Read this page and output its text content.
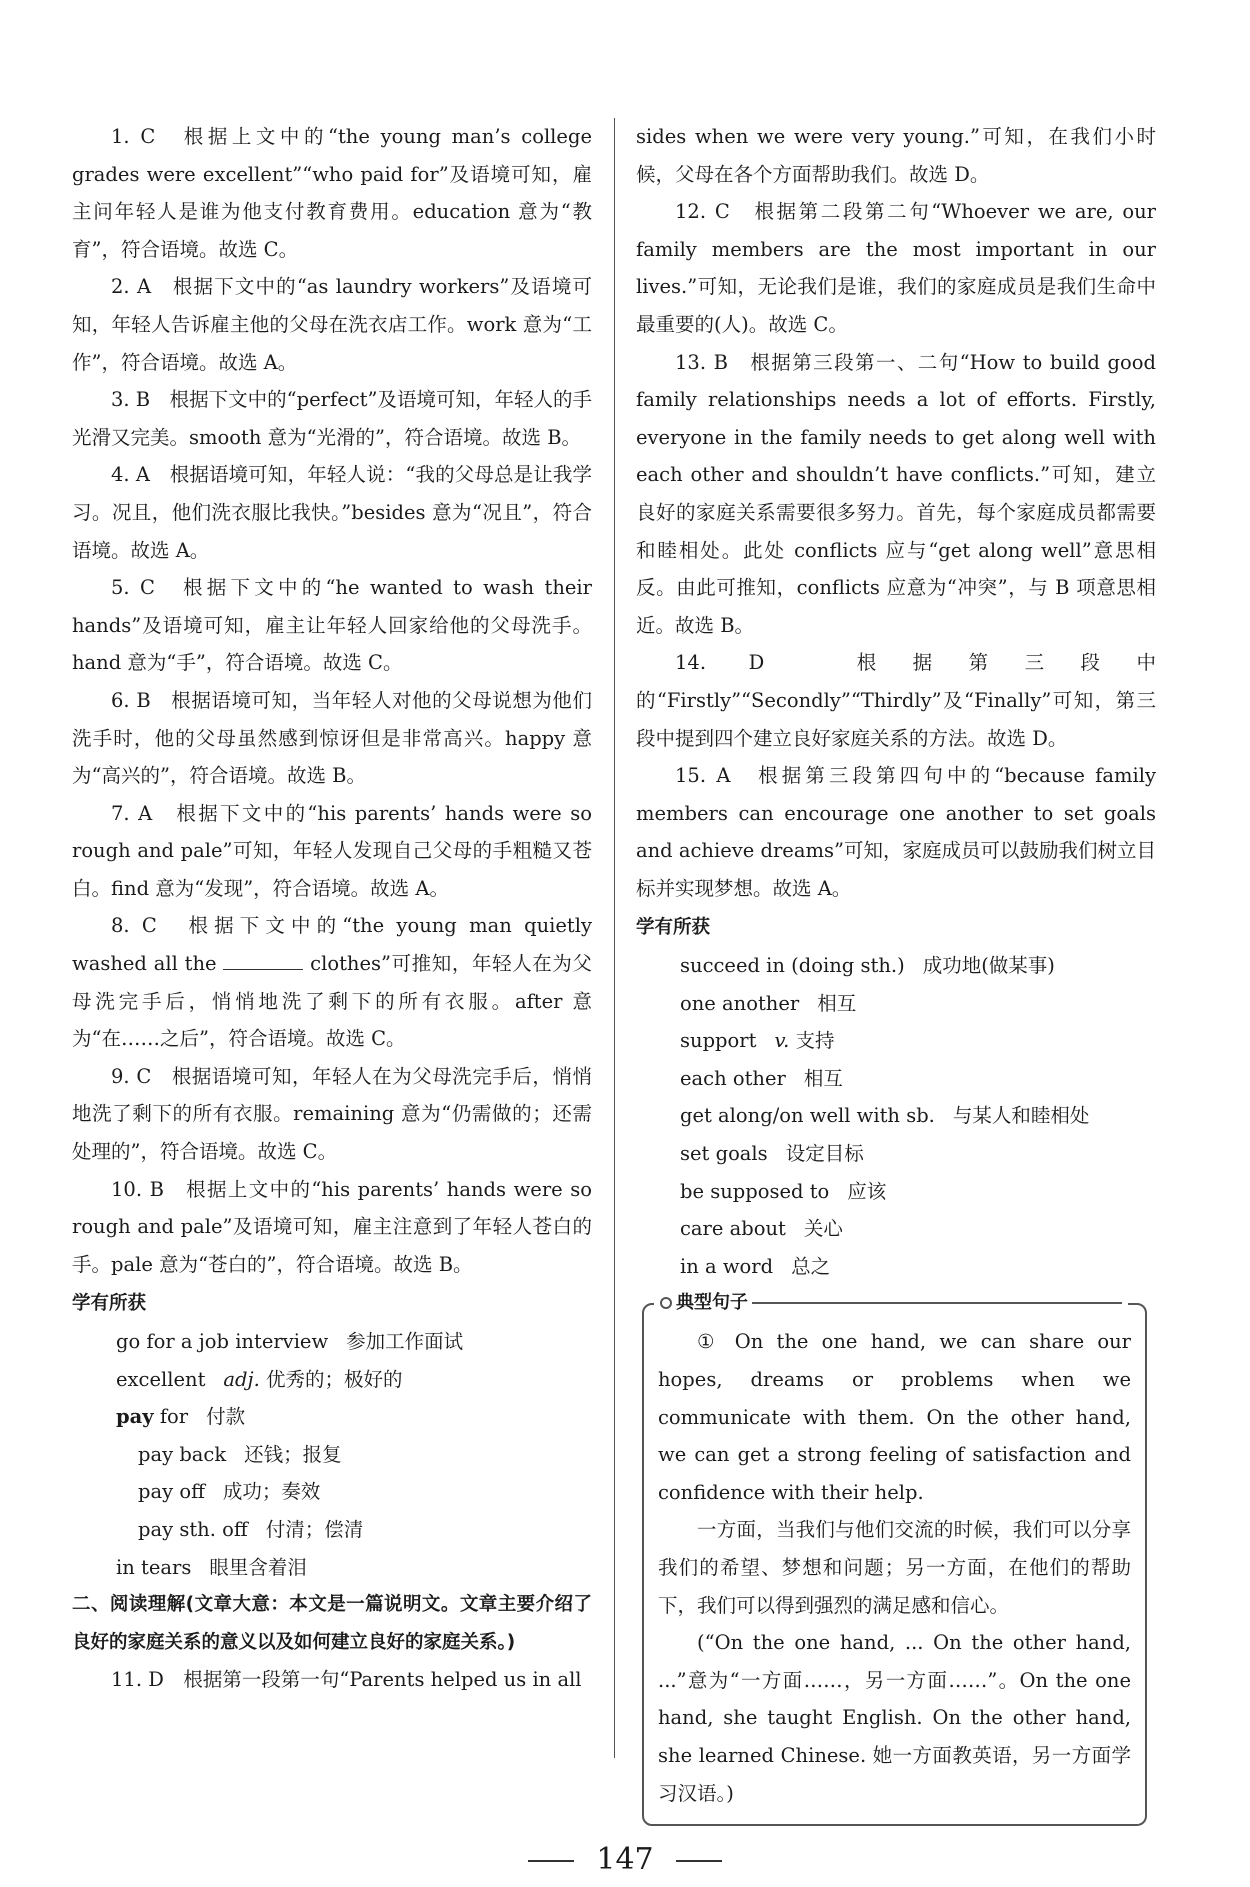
1. C　根据上文中的“the young man’s college grades were excellent”“who paid for”及语境可知，雇主问年轻人是谁为他支付教育费用。education 意为“教育”，符合语境。故选 C。

2. A　根据下文中的“as laundry workers”及语境可知，年轻人告诉雇主他的父母在洗衣店工作。work 意为“工作”，符合语境。故选 A。

3. B　根据下文中的“perfect”及语境可知，年轻人的手光滑又完美。smooth 意为“光滑的”，符合语境。故选 B。

4. A　根据语境可知，年轻人说：“我的父母总是让我学习。况且，他们洗衣服比我快。”besides 意为“况且”，符合语境。故选 A。

5. C　根据下文中的“he wanted to wash their hands”及语境可知，雇主让年轻人回家给他的父母洗手。hand 意为“手”，符合语境。故选 C。

6. B　根据语境可知，当年轻人对他的父母说想为他们洗手时，他的父母虽然感到惊讶但是非常高兴。happy 意为“高兴的”，符合语境。故选 B。

7. A　根据下文中的“his parents’ hands were so rough and pale”可知，年轻人发现自己父母的手粗糙又苍白。find 意为“发现”，符合语境。故选 A。

8. C　根据下文中的“the young man quietly washed all the	clothes”可推知，年轻人在为父母洗完手后，悄悄地洗了剩下的所有衣服。after 意为“在……之后”，符合语境。故选 C。

9. C　根据语境可知，年轻人在为父母洗完手后，悄悄地洗了剩下的所有衣服。remaining 意为“仍需做的；还需处理的”，符合语境。故选 C。

10. B　根据上文中的“his parents’ hands were so rough and pale”及语境可知，雇主注意到了年轻人苍白的手。pale 意为“苍白的”，符合语境。故选 B。

学有所获

go for a job interview 参加工作面试

excellent adj. 优秀的；极好的

pay for 付款

pay back 还钱；报复

pay off 成功；奏效

pay sth. off 付清；偿清

in tears 眼里含着泪

二、阅读理解(文章大意：本文是一篇说明文。文章主要介绍了良好的家庭关系的意义以及如何建立良好的家庭关系。)

11. D　根据第一段第一句“Parents helped us in all

sides when we were very young.”可知，在我们小时候，父母在各个方面帮助我们。故选 D。

12. C　根据第二段第二句“Whoever we are, our family members are the most important in our lives.”可知，无论我们是谁，我们的家庭成员是我们生命中最重要的(人)。故选 C。

13. B　根据第三段第一、二句“How to build good family relationships needs a lot of efforts. Firstly, everyone in the family needs to get along well with each other and shouldn’t have conflicts.”可知，建立良好的家庭关系需要很多努力。首先，每个家庭成员都需要和睦相处。此处 conflicts 应与“get along well”意思相反。由此可推知，conflicts 应意为“冲突”，与 B 项意思相近。故选 B。

14. D　根据第三段中的“Firstly”“Secondly”“Thirdly”及“Finally”可知，第三段中提到四个建立良好家庭关系的方法。故选 D。

15. A　根据第三段第四句中的“because family members can encourage one another to set goals and achieve dreams”可知，家庭成员可以鼓励我们树立目标并实现梦想。故选 A。

学有所获

succeed in (doing sth.) 成功地(做某事)

one another 相互

support v. 支持

each other 相互

get along/on well with sb. 与某人和睦相处

set goals 设定目标

be supposed to 应该

care about 关心

in a word 总之

典型句子

① On the one hand, we can share our hopes, dreams or problems when we communicate with them. On the other hand, we can get a strong feeling of satisfaction and confidence with their help.

一方面，当我们与他们交流的时候，我们可以分享我们的希望、梦想和问题；另一方面，在他们的帮助下，我们可以得到强烈的满足感和信心。

(“On the one hand, ... On the other hand, ...”意为“一方面……，另一方面……”。On the one hand, she taught English. On the other hand, she learned Chinese. 她一方面教英语，另一方面学习汉语。)

147
